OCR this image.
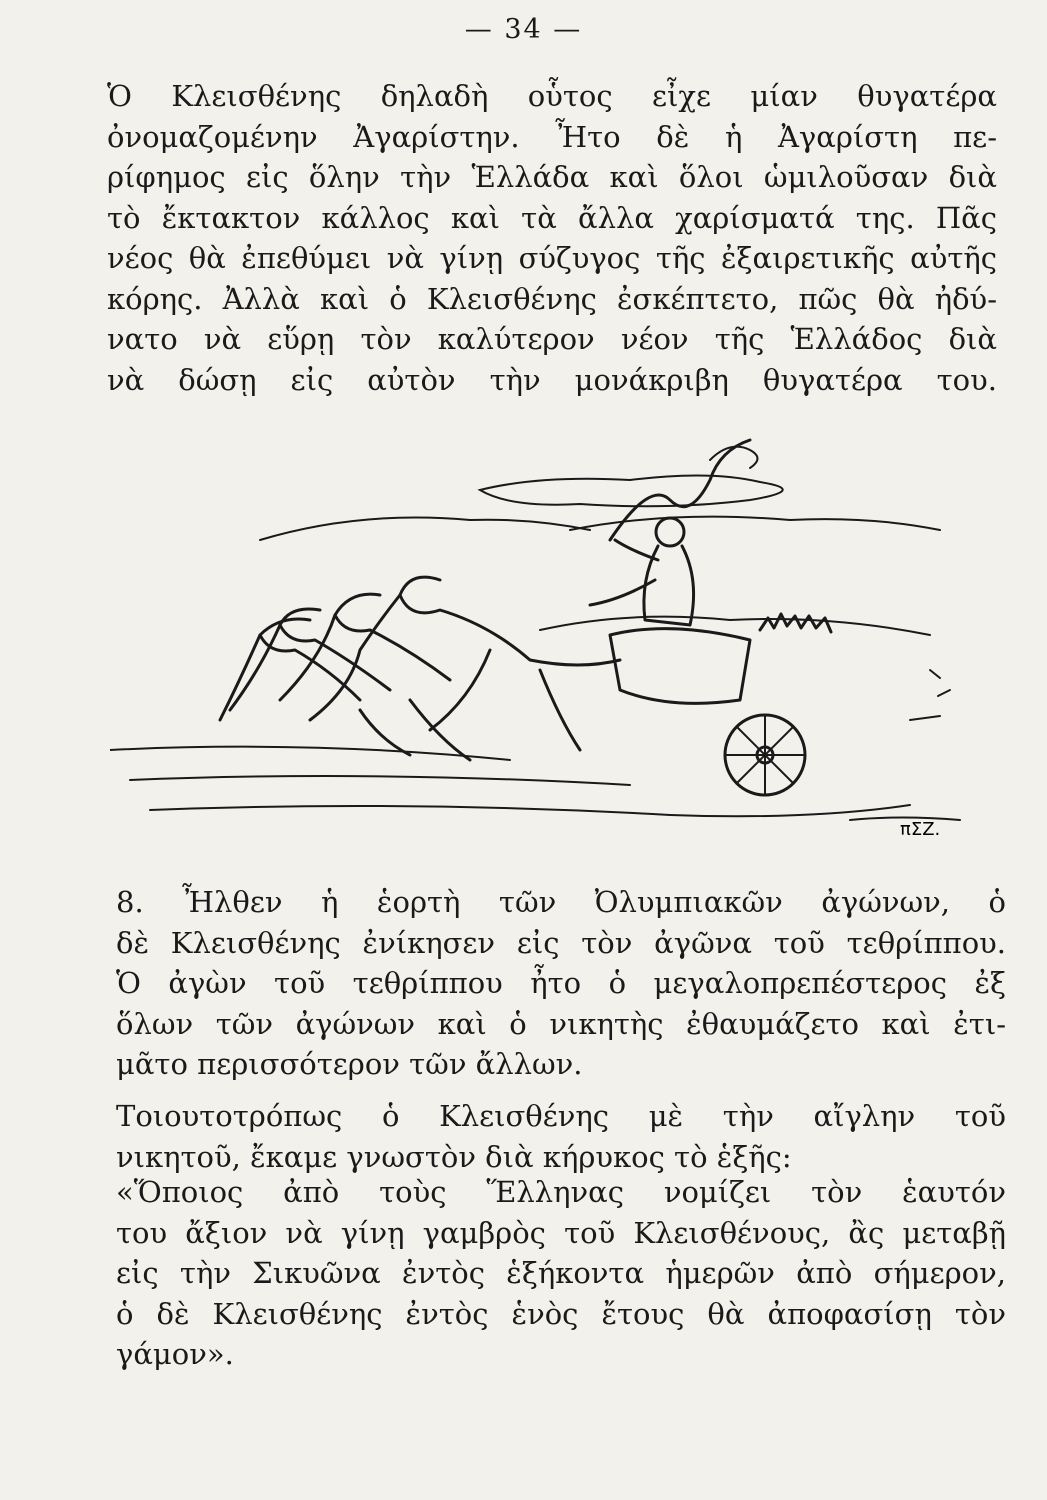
— 34 —

Ὁ Κλεισθένης δηλαδὴ οὗτος εἶχε μίαν θυγατέρα
ὀνομαζομένην Ἀγαρίστην. Ἦτο δὲ ἡ Ἀγαρίστη πε-
ρίφημος εἰς ὅλην τὴν Ἑλλάδα καὶ ὅλοι ὡμιλοῦσαν διὰ
τὸ ἔκτακτον κάλλος καὶ τὰ ἄλλα χαρίσματά της. Πᾶς
νέος θὰ ἐπεθύμει νὰ γίνῃ σύζυγος τῆς ἐξαιρετικῆς αὐτῆς
κόρης. Ἀλλὰ καὶ ὁ Κλεισθένης ἐσκέπτετο, πῶς θὰ ἠδύ-
νατο νὰ εὕρῃ τὸν καλύτερον νέον τῆς Ἑλλάδος διὰ
νὰ δώσῃ εἰς αὐτὸν τὴν μονάκριβη θυγατέρα του.

πΣΖ.

8. Ἦλθεν ἡ ἑορτὴ τῶν Ὀλυμπιακῶν ἀγώνων, ὁ
δὲ Κλεισθένης ἐνίκησεν εἰς τὸν ἀγῶνα τοῦ τεθρίππου.
Ὁ ἀγὼν τοῦ τεθρίππου ἦτο ὁ μεγαλοπρεπέστερος ἐξ
ὅλων τῶν ἀγώνων καὶ ὁ νικητὴς ἐθαυμάζετο καὶ ἐτι-
μᾶτο περισσότερον τῶν ἄλλων.

Τοιουτοτρόπως ὁ Κλεισθένης μὲ τὴν αἴγλην τοῦ
νικητοῦ, ἔκαμε γνωστὸν διὰ κήρυκος τὸ ἑξῆς:

«Ὅποιος ἀπὸ τοὺς Ἕλληνας νομίζει τὸν ἑαυτόν
του ἄξιον νὰ γίνῃ γαμβρὸς τοῦ Κλεισθένους, ἂς μεταβῇ
εἰς τὴν Σικυῶνα ἐντὸς ἑξήκοντα ἡμερῶν ἀπὸ σήμερον,
ὁ δὲ Κλεισθένης ἐντὸς ἑνὸς ἔτους θὰ ἀποφασίσῃ τὸν
γάμον».
